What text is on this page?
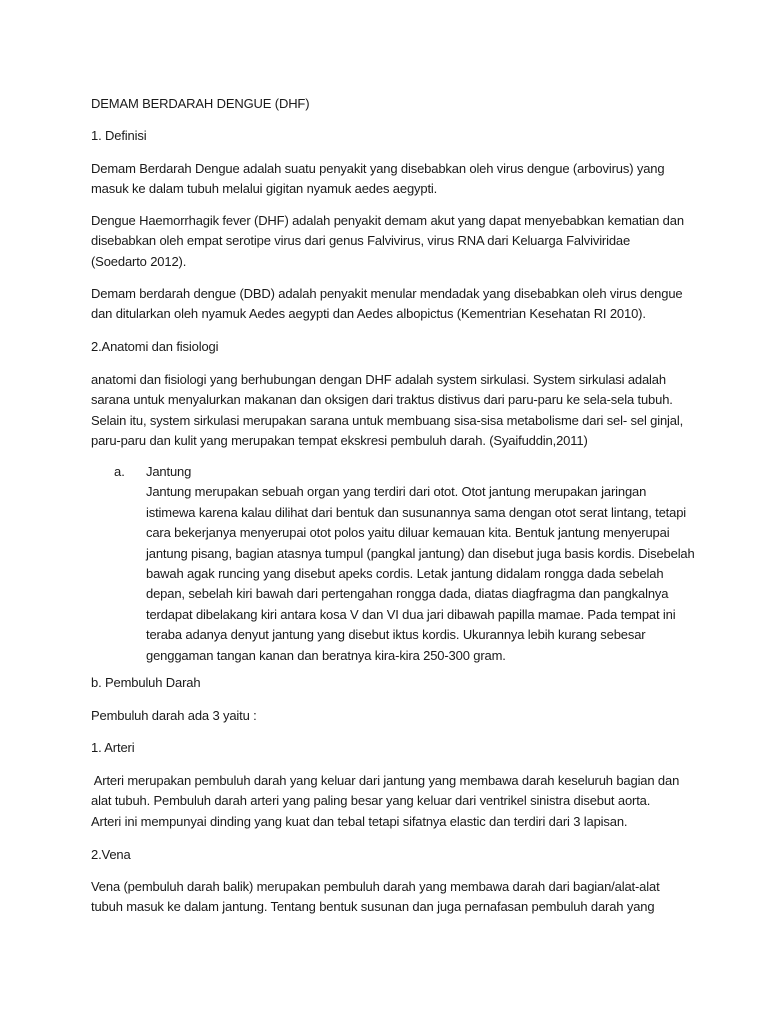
DEMAM BERDARAH DENGUE (DHF)

1. Definisi

Demam Berdarah Dengue adalah suatu penyakit yang disebabkan oleh virus dengue (arbovirus) yang
masuk ke dalam tubuh melalui gigitan nyamuk aedes aegypti.

Dengue Haemorrhagik fever (DHF) adalah penyakit demam akut yang dapat menyebabkan kematian dan
disebabkan oleh empat serotipe virus dari genus Falvivirus, virus RNA dari Keluarga Falviviridae
(Soedarto 2012).

Demam berdarah dengue (DBD) adalah penyakit menular mendadak yang disebabkan oleh virus dengue
dan ditularkan oleh nyamuk Aedes aegypti dan Aedes albopictus (Kementrian Kesehatan RI 2010).

2.Anatomi dan fisiologi

anatomi dan fisiologi yang berhubungan dengan DHF adalah system sirkulasi. System sirkulasi adalah
sarana untuk menyalurkan makanan dan oksigen dari traktus distivus dari paru-paru ke sela-sela tubuh.
Selain itu, system sirkulasi merupakan sarana untuk membuang sisa-sisa metabolisme dari sel- sel ginjal,
paru-paru dan kulit yang merupakan tempat ekskresi pembuluh darah. (Syaifuddin,2011)

a. Jantung
Jantung merupakan sebuah organ yang terdiri dari otot. Otot jantung merupakan jaringan
istimewa karena kalau dilihat dari bentuk dan susunannya sama dengan otot serat lintang, tetapi
cara bekerjanya menyerupai otot polos yaitu diluar kemauan kita. Bentuk jantung menyerupai
jantung pisang, bagian atasnya tumpul (pangkal jantung) dan disebut juga basis kordis. Disebelah
bawah agak runcing yang disebut apeks cordis. Letak jantung didalam rongga dada sebelah
depan, sebelah kiri bawah dari pertengahan rongga dada, diatas diagfragma dan pangkalnya
terdapat dibelakang kiri antara kosa V dan VI dua jari dibawah papilla mamae. Pada tempat ini
teraba adanya denyut jantung yang disebut iktus kordis. Ukurannya lebih kurang sebesar
genggaman tangan kanan dan beratnya kira-kira 250-300 gram.

b. Pembuluh Darah

Pembuluh darah ada 3 yaitu :

1. Arteri

Arteri merupakan pembuluh darah yang keluar dari jantung yang membawa darah keseluruh bagian dan
alat tubuh. Pembuluh darah arteri yang paling besar yang keluar dari ventrikel sinistra disebut aorta.
Arteri ini mempunyai dinding yang kuat dan tebal tetapi sifatnya elastic dan terdiri dari 3 lapisan.

2.Vena

Vena (pembuluh darah balik) merupakan pembuluh darah yang membawa darah dari bagian/alat-alat
tubuh masuk ke dalam jantung. Tentang bentuk susunan dan juga pernafasan pembuluh darah yang
